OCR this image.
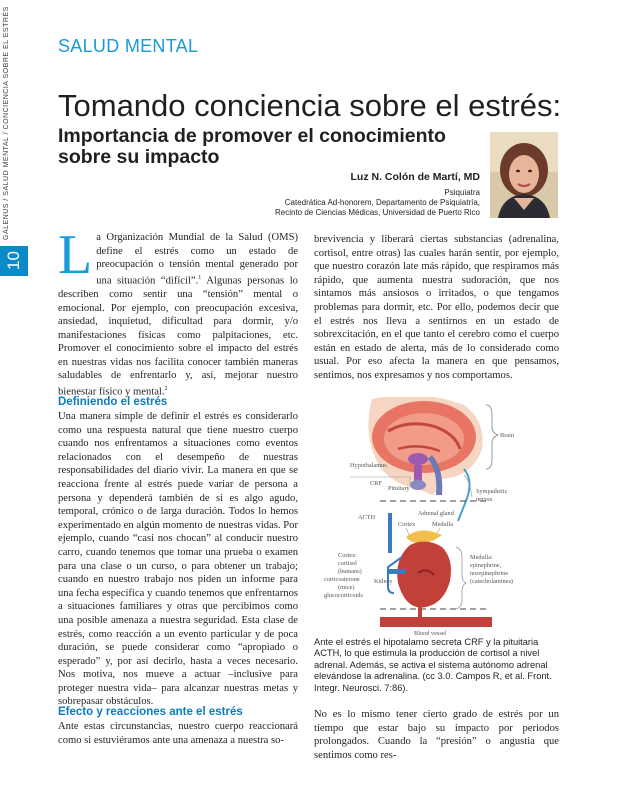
GALENUS / SALUD MENTAL / CONCIENCIA SOBRE EL ESTRÉS
10
SALUD MENTAL
Tomando conciencia sobre el estrés:
Importancia de promover el conocimiento sobre su impacto
Luz N. Colón de Martí, MD
Psiquiatra
Catedrática Ad-honorem, Departamento de Psiquiatría,
Recinto de Ciencias Médicas, Universidad de Puerto Rico

La Organización Mundial de la Salud (OMS) define el estrés como un estado de preocupación o tensión mental generado por una situación “difícil”.$^1$ Algunas personas lo describen como sentir una “tensión” mental o emocional. Por ejemplo, con preocupación excesiva, ansiedad, inquietud, dificultad para dormir, y/o manifestaciones físicas como palpitaciones, etc. Promover el conocimiento sobre el impacto del estrés en nuestras vidas nos facilita conocer también maneras saludables de enfrentarlo y, así, mejorar nuestro bienestar físico y mental.$^2$

Definiendo el estrés

Una manera simple de definir el estrés es considerarlo como una respuesta natural que tiene nuestro cuerpo cuando nos enfrentamos a situaciones como eventos relacionados con el desempeño de nuestras responsabilidades del diario vivir. La manera en que se reacciona frente al estrés puede variar de persona a persona y dependerá también de si es algo agudo, temporal, crónico o de larga duración. Todos lo hemos experimentado en algún momento de nuestras vidas. Por ejemplo, cuando “casi nos chocan” al conducir nuestro carro, cuando tenemos que tomar una prueba o examen para una clase o un curso, o para obtener un trabajo; cuando en nuestro trabajo nos piden un informe para una fecha específica y cuando tenemos que enfrentarnos a situaciones familiares y otras que percibimos como una posible amenaza a nuestra seguridad. Esta clase de estrés, como reacción a un evento particular y de poca duración, se puede considerar como “apropiado o esperado” y, por así decirlo, hasta a veces necesario. Nos motiva, nos mueve a actuar –inclusive para proteger nuestra vida– para alcanzar nuestras metas y sobrepasar obstáculos.

Efecto y reacciones ante el estrés

Ante estas circunstancias, nuestro cuerpo reaccionará como si estuviéramos ante una amenaza a nuestra so-

brevivencia y liberará ciertas substancias (adrenalina, cortisol, entre otras) las cuales harán sentir, por ejemplo, que nuestro corazón late más rápido, que respiramos más rápido, que aumenta nuestra sudoración, que nos sintamos más ansiosos o irritados, o que tengamos problemas para dormir, etc. Por ello, podemos decir que el estrés nos lleva a sentirnos en un estado de sobrexcitación, en el que tanto el cerebro como el cuerpo están en estado de alerta, más de lo considerado como usual. Por eso afecta la manera en que pensamos, sentimos, nos expresamos y nos comportamos.

Brain
Hypothalamus
CRF
Pituitary	Sympathetic
nerves
ACTH
Adrenal gland
Cortex	Medulla
Kidney
Cortex:
cortisol
(humans)
corticosterone
(mice)
glucocorticoids
Medulla:
epinephrine,
norepinephrine
(catecholamines)
Blood vessel
Ante el estrés el hipotalamo secreta CRF y la pituitaria ACTH, lo que estimula la producción de cortisol a nivel adrenal. Además, se activa el sistema autónomo adrenal elevándose la adrenalina. (cc 3.0. Campos R, et al. Front. Integr. Neurosci. 7:86).

No es lo mismo tener cierto grado de estrés por un tiempo que estar bajo su impacto por periodos prolongados. Cuando la “presión” o angustia que sentimos como res-
